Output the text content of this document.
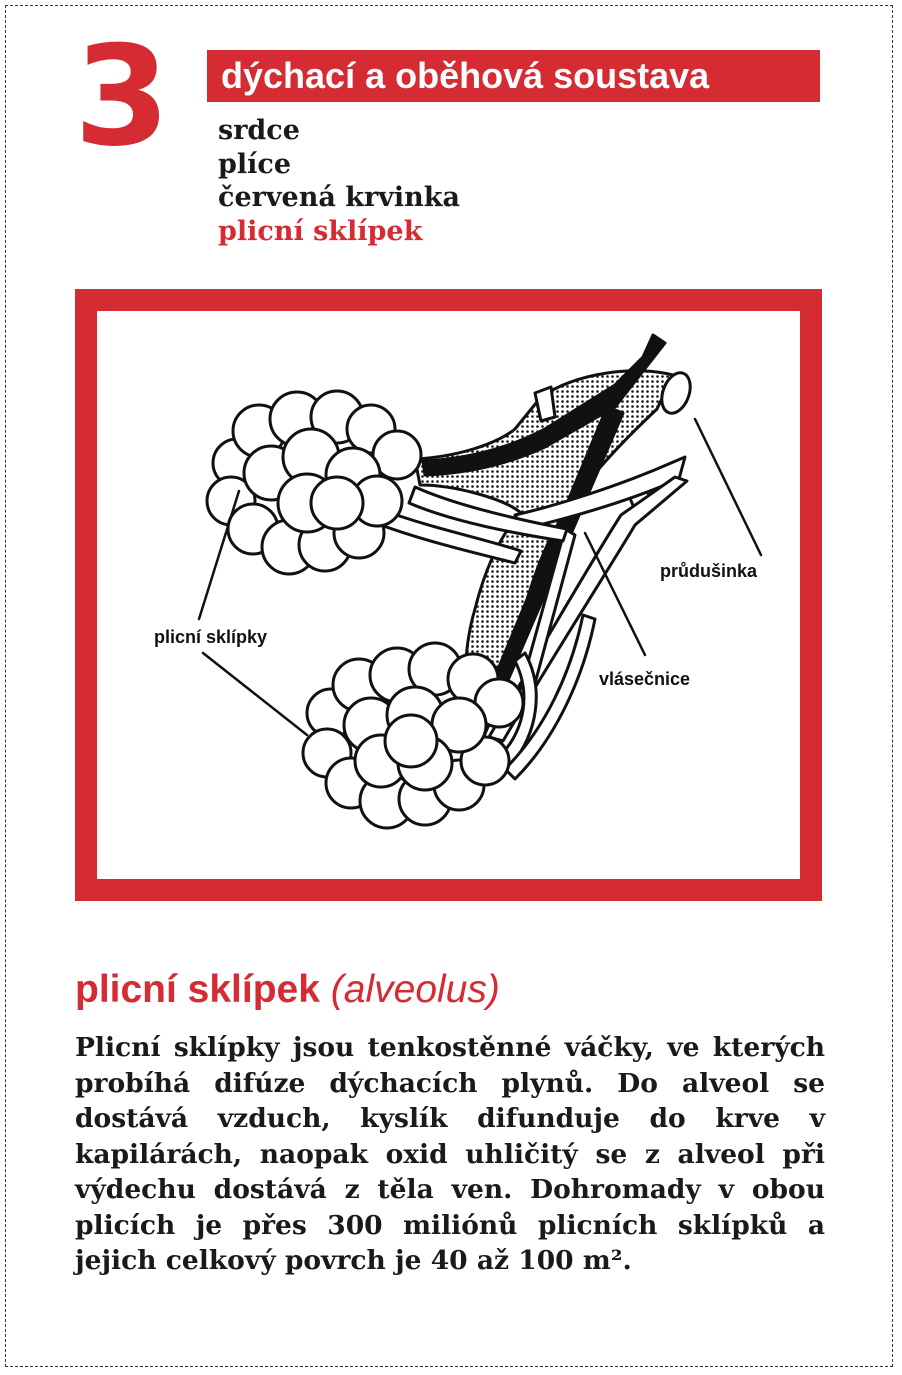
3	dýchací a oběhová soustava
srdce
plíce
červená krvinka
plicní sklípek
plicní sklípky
průdušinka
vlásečnice
plicní sklípek (alveolus)

Plicní sklípky jsou tenkostěnné váčky, ve kterých probíhá difúze dýchacích plynů. Do alveol se dostává vzduch, kyslík difunduje do krve v kapilárách, naopak oxid uhličitý se z alveol při výdechu dostává z těla ven. Dohromady v obou plicích je přes 300 miliónů plicních sklípků a jejich celkový povrch je 40 až 100 m².
